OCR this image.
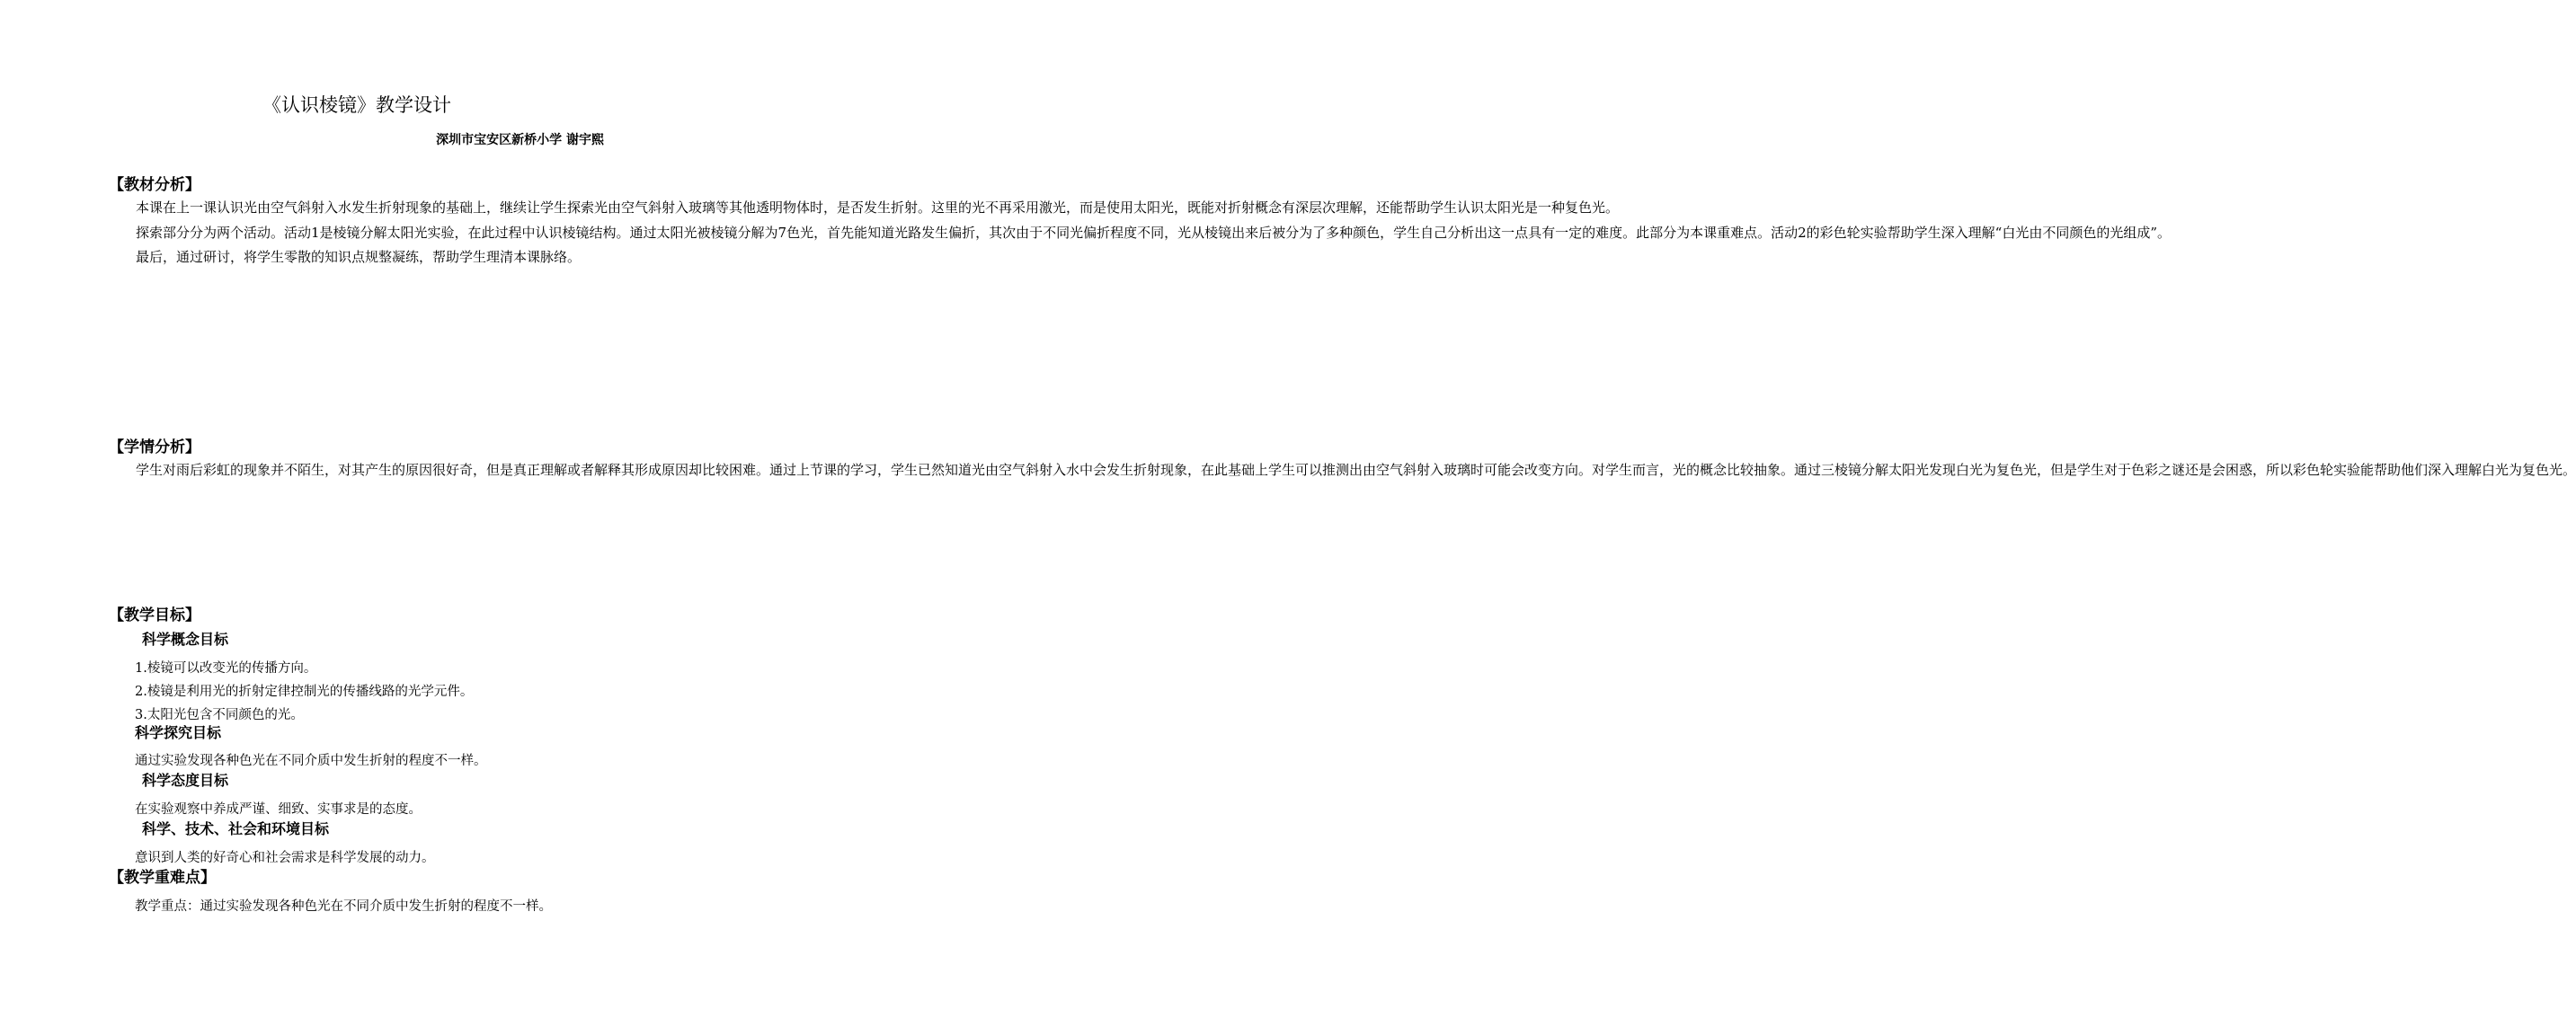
《认识棱镜》教学设计
深圳市宝安区新桥小学 谢宇熙
【教材分析】

本课在上一课认识光由空气斜射入水发生折射现象的基础上，继续让学生探索光由空气斜射入玻璃等其他透明物体时，是否发生折射。这里的光不再采用激光，而是使用太阳光，既能对折射概念有深层次理解，还能帮助学生认识太阳光是一种复色光。

探索部分分为两个活动。活动1是棱镜分解太阳光实验，在此过程中认识棱镜结构。通过太阳光被棱镜分解为7色光，首先能知道光路发生偏折，其次由于不同光偏折程度不同，光从棱镜出来后被分为了多种颜色，学生自己分析出这一点具有一定的难度。此部分为本课重难点。活动2的彩色轮实验帮助学生深入理解“白光由不同颜色的光组成”。

最后，通过研讨，将学生零散的知识点规整凝练，帮助学生理清本课脉络。

【学情分析】

学生对雨后彩虹的现象并不陌生，对其产生的原因很好奇，但是真正理解或者解释其形成原因却比较困难。通过上节课的学习，学生已然知道光由空气斜射入水中会发生折射现象，在此基础上学生可以推测出由空气斜射入玻璃时可能会改变方向。对学生而言，光的概念比较抽象。通过三棱镜分解太阳光发现白光为复色光，但是学生对于色彩之谜还是会困惑，所以彩色轮实验能帮助他们深入理解白光为复色光。

【教学目标】
科学概念目标
1.棱镜可以改变光的传播方向。
2.棱镜是利用光的折射定律控制光的传播线路的光学元件。
3.太阳光包含不同颜色的光。
科学探究目标
通过实验发现各种色光在不同介质中发生折射的程度不一样。
科学态度目标
在实验观察中养成严谨、细致、实事求是的态度。
科学、技术、社会和环境目标
意识到人类的好奇心和社会需求是科学发展的动力。
【教学重难点】
教学重点：通过实验发现各种色光在不同介质中发生折射的程度不一样。
